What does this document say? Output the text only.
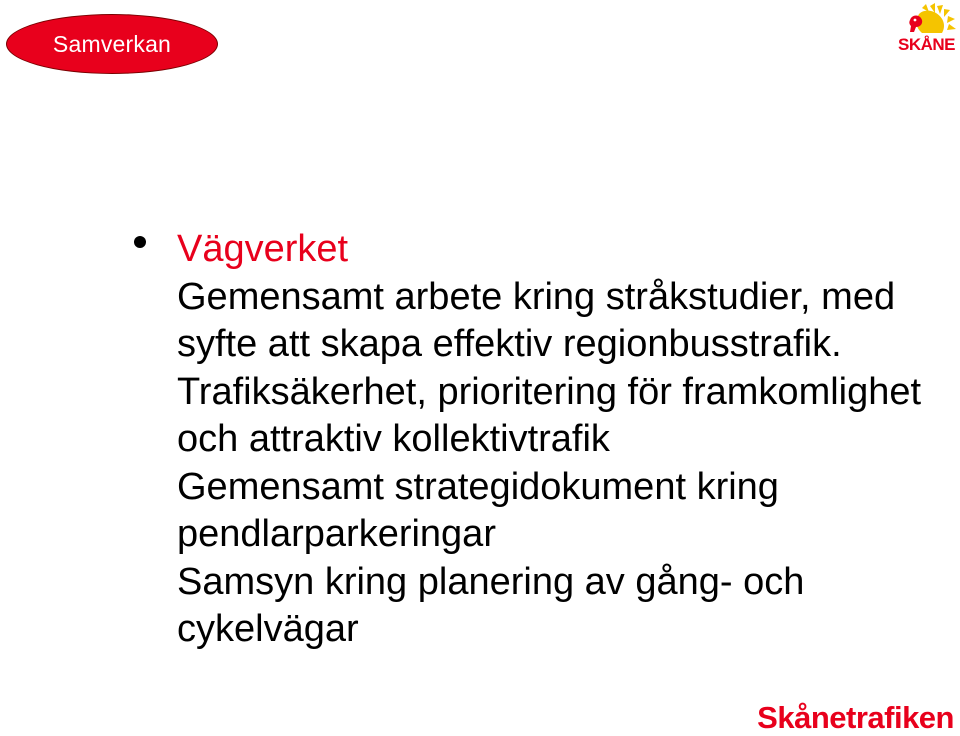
Samverkan	SKÅNE
Vägverket
Gemensamt arbete kring stråkstudier, med syfte att skapa effektiv regionbusstrafik. Trafiksäkerhet, prioritering för framkomlighet och attraktiv kollektivtrafik
Gemensamt strategidokument kring pendlarparkeringar
Samsyn kring planering av gång- och cykelvägar
Skånetrafiken
